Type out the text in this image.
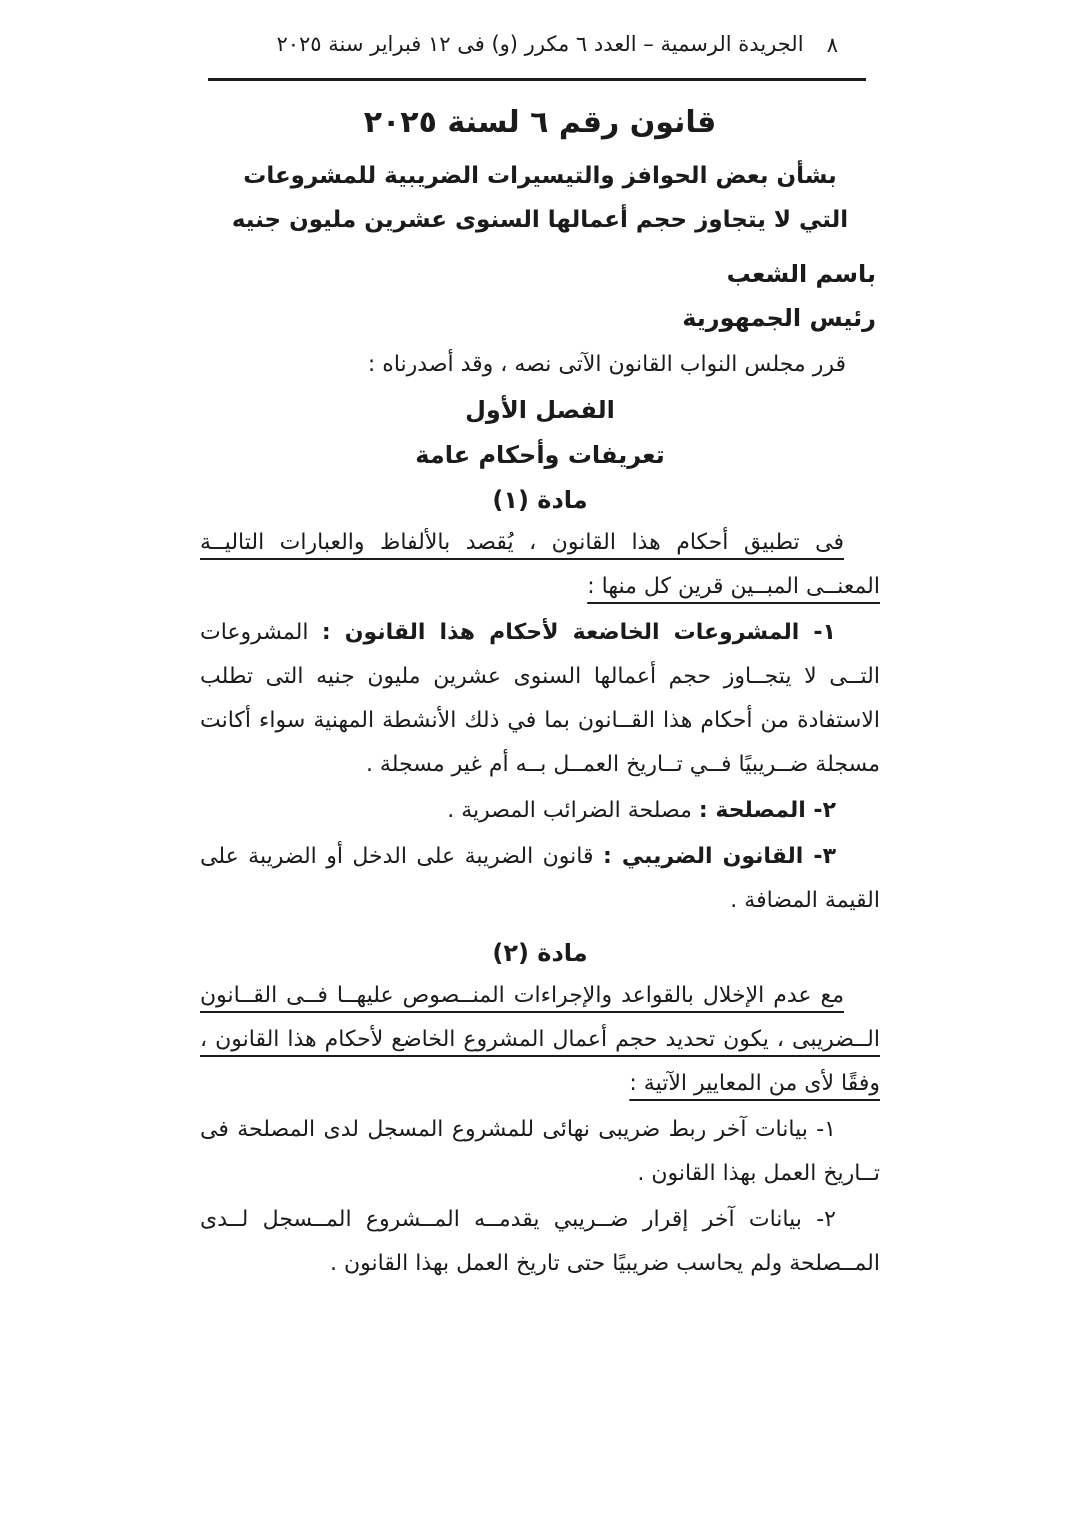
الجريدة الرسمية – العدد ٦ مكرر (و) فى ١٢ فبراير سنة ٢٠٢٥	٨
قانون رقم ٦ لسنة ٢٠٢٥

بشأن بعض الحوافز والتيسيرات الضريبية للمشروعات التي لا يتجاوز حجم أعمالها السنوى عشرين مليون جنيه

باسم الشعب
رئيس الجمهورية

قرر مجلس النواب القانون الآتى نصه ، وقد أصدرناه :

الفصل الأول
تعريفات وأحكام عامة
مادة (١)

فى تطبيق أحكام هذا القانون ، يُقصد بالألفاظ والعبارات التاليــة المعنــى المبــين قرين كل منها :

١- المشروعات الخاضعة لأحكام هذا القانون : المشروعات التــى لا يتجــاوز حجم أعمالها السنوى عشرين مليون جنيه التى تطلب الاستفادة من أحكام هذا القــانون بما في ذلك الأنشطة المهنية سواء أكانت مسجلة ضــريبيًا فــي تــاريخ العمــل بــه أم غير مسجلة .

٢- المصلحة : مصلحة الضرائب المصرية .

٣- القانون الضريبي : قانون الضريبة على الدخل أو الضريبة على القيمة المضافة .

مادة (٢)

مع عدم الإخلال بالقواعد والإجراءات المنــصوص عليهــا فــى القــانون الــضريبى ، يكون تحديد حجم أعمال المشروع الخاضع لأحكام هذا القانون ، وفقًا لأى من المعايير الآتية :

١- بيانات آخر ربط ضريبى نهائى للمشروع المسجل لدى المصلحة فى تــاريخ العمل بهذا القانون .

٢- بيانات آخر إقرار ضــريبي يقدمــه المــشروع المــسجل لــدى المــصلحة ولم يحاسب ضريبيًا حتى تاريخ العمل بهذا القانون .
